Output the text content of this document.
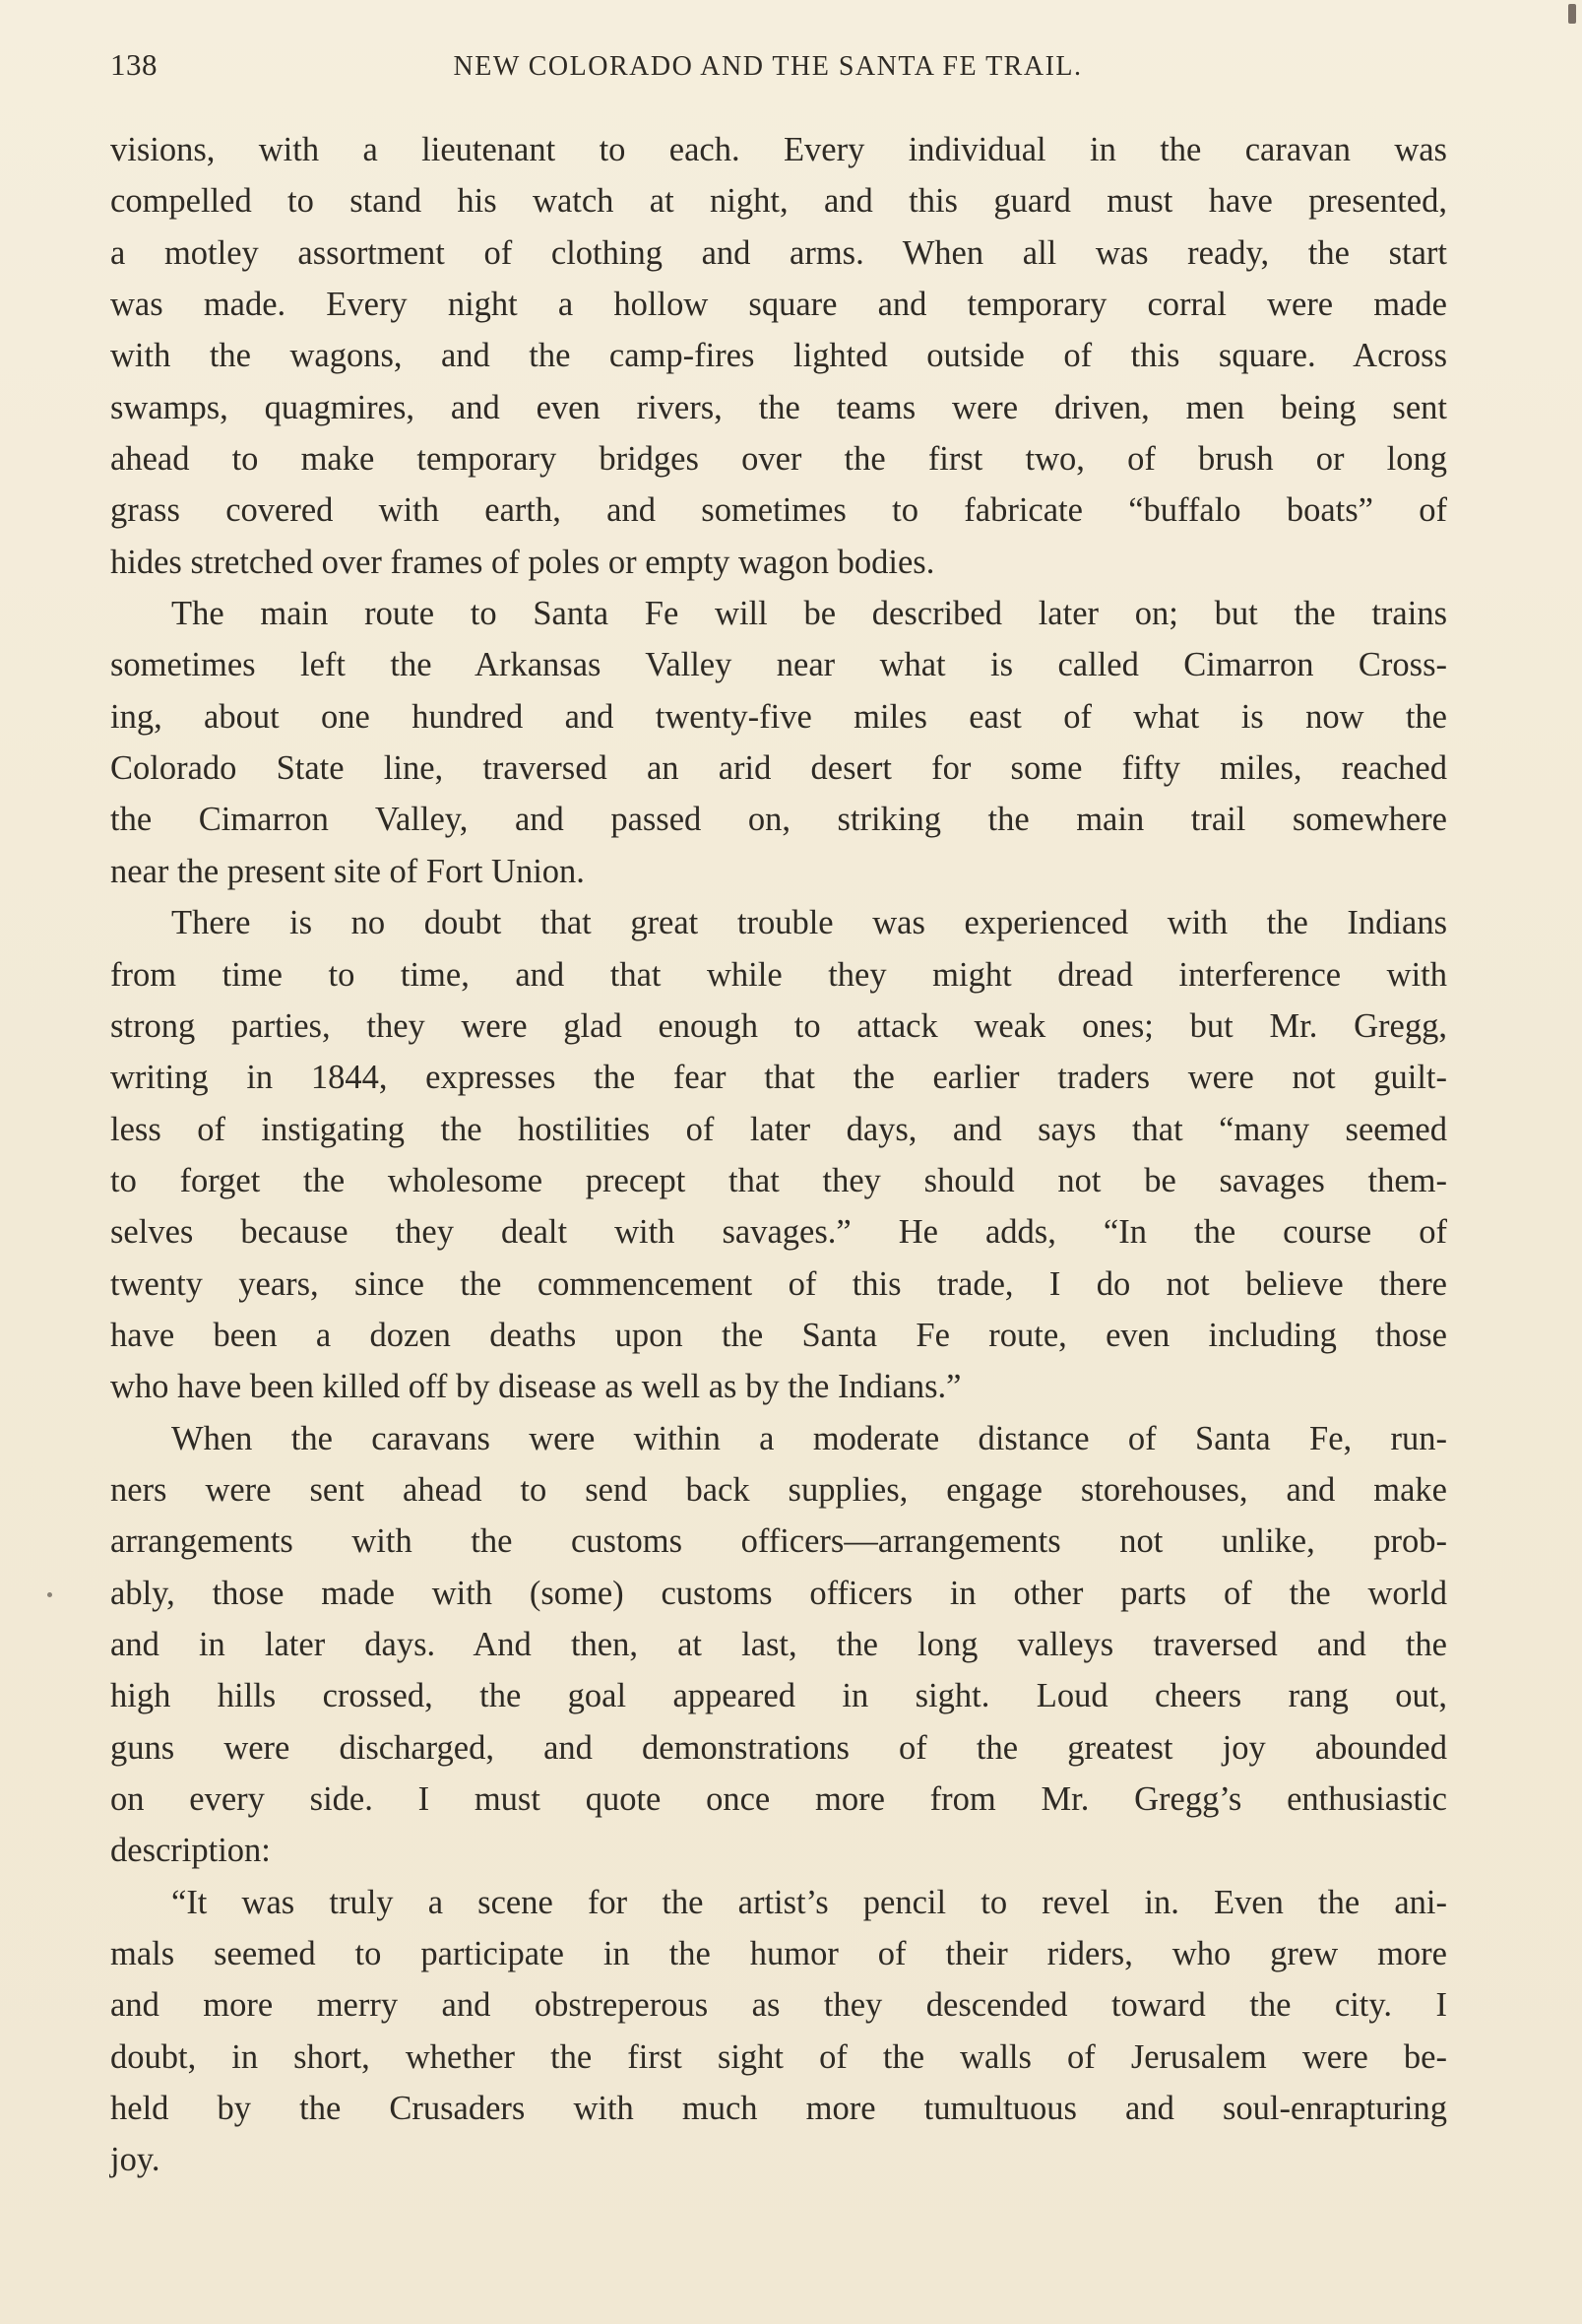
138	NEW COLORADO AND THE SANTA FE TRAIL.
visions, with a lieutenant to each. Every individual in the caravan was
compelled to stand his watch at night, and this guard must have presented,
a motley assortment of clothing and arms. When all was ready, the start
was made. Every night a hollow square and temporary corral were made
with the wagons, and the camp-fires lighted outside of this square. Across
swamps, quagmires, and even rivers, the teams were driven, men being sent
ahead to make temporary bridges over the first two, of brush or long
grass covered with earth, and sometimes to fabricate “buffalo boats” of
hides stretched over frames of poles or empty wagon bodies.
The main route to Santa Fe will be described later on; but the trains
sometimes left the Arkansas Valley near what is called Cimarron Cross-
ing, about one hundred and twenty-five miles east of what is now the
Colorado State line, traversed an arid desert for some fifty miles, reached
the Cimarron Valley, and passed on, striking the main trail somewhere
near the present site of Fort Union.
There is no doubt that great trouble was experienced with the Indians
from time to time, and that while they might dread interference with
strong parties, they were glad enough to attack weak ones; but Mr. Gregg,
writing in 1844, expresses the fear that the earlier traders were not guilt-
less of instigating the hostilities of later days, and says that “many seemed
to forget the wholesome precept that they should not be savages them-
selves because they dealt with savages.” He adds, “In the course of
twenty years, since the commencement of this trade, I do not believe there
have been a dozen deaths upon the Santa Fe route, even including those
who have been killed off by disease as well as by the Indians.”
When the caravans were within a moderate distance of Santa Fe, run-
ners were sent ahead to send back supplies, engage storehouses, and make
arrangements with the customs officers—arrangements not unlike, prob-
ably, those made with (some) customs officers in other parts of the world
and in later days. And then, at last, the long valleys traversed and the
high hills crossed, the goal appeared in sight. Loud cheers rang out,
guns were discharged, and demonstrations of the greatest joy abounded
on every side. I must quote once more from Mr. Gregg’s enthusiastic
description:
“It was truly a scene for the artist’s pencil to revel in. Even the ani-
mals seemed to participate in the humor of their riders, who grew more
and more merry and obstreperous as they descended toward the city. I
doubt, in short, whether the first sight of the walls of Jerusalem were be-
held by the Crusaders with much more tumultuous and soul-enrapturing
joy.
